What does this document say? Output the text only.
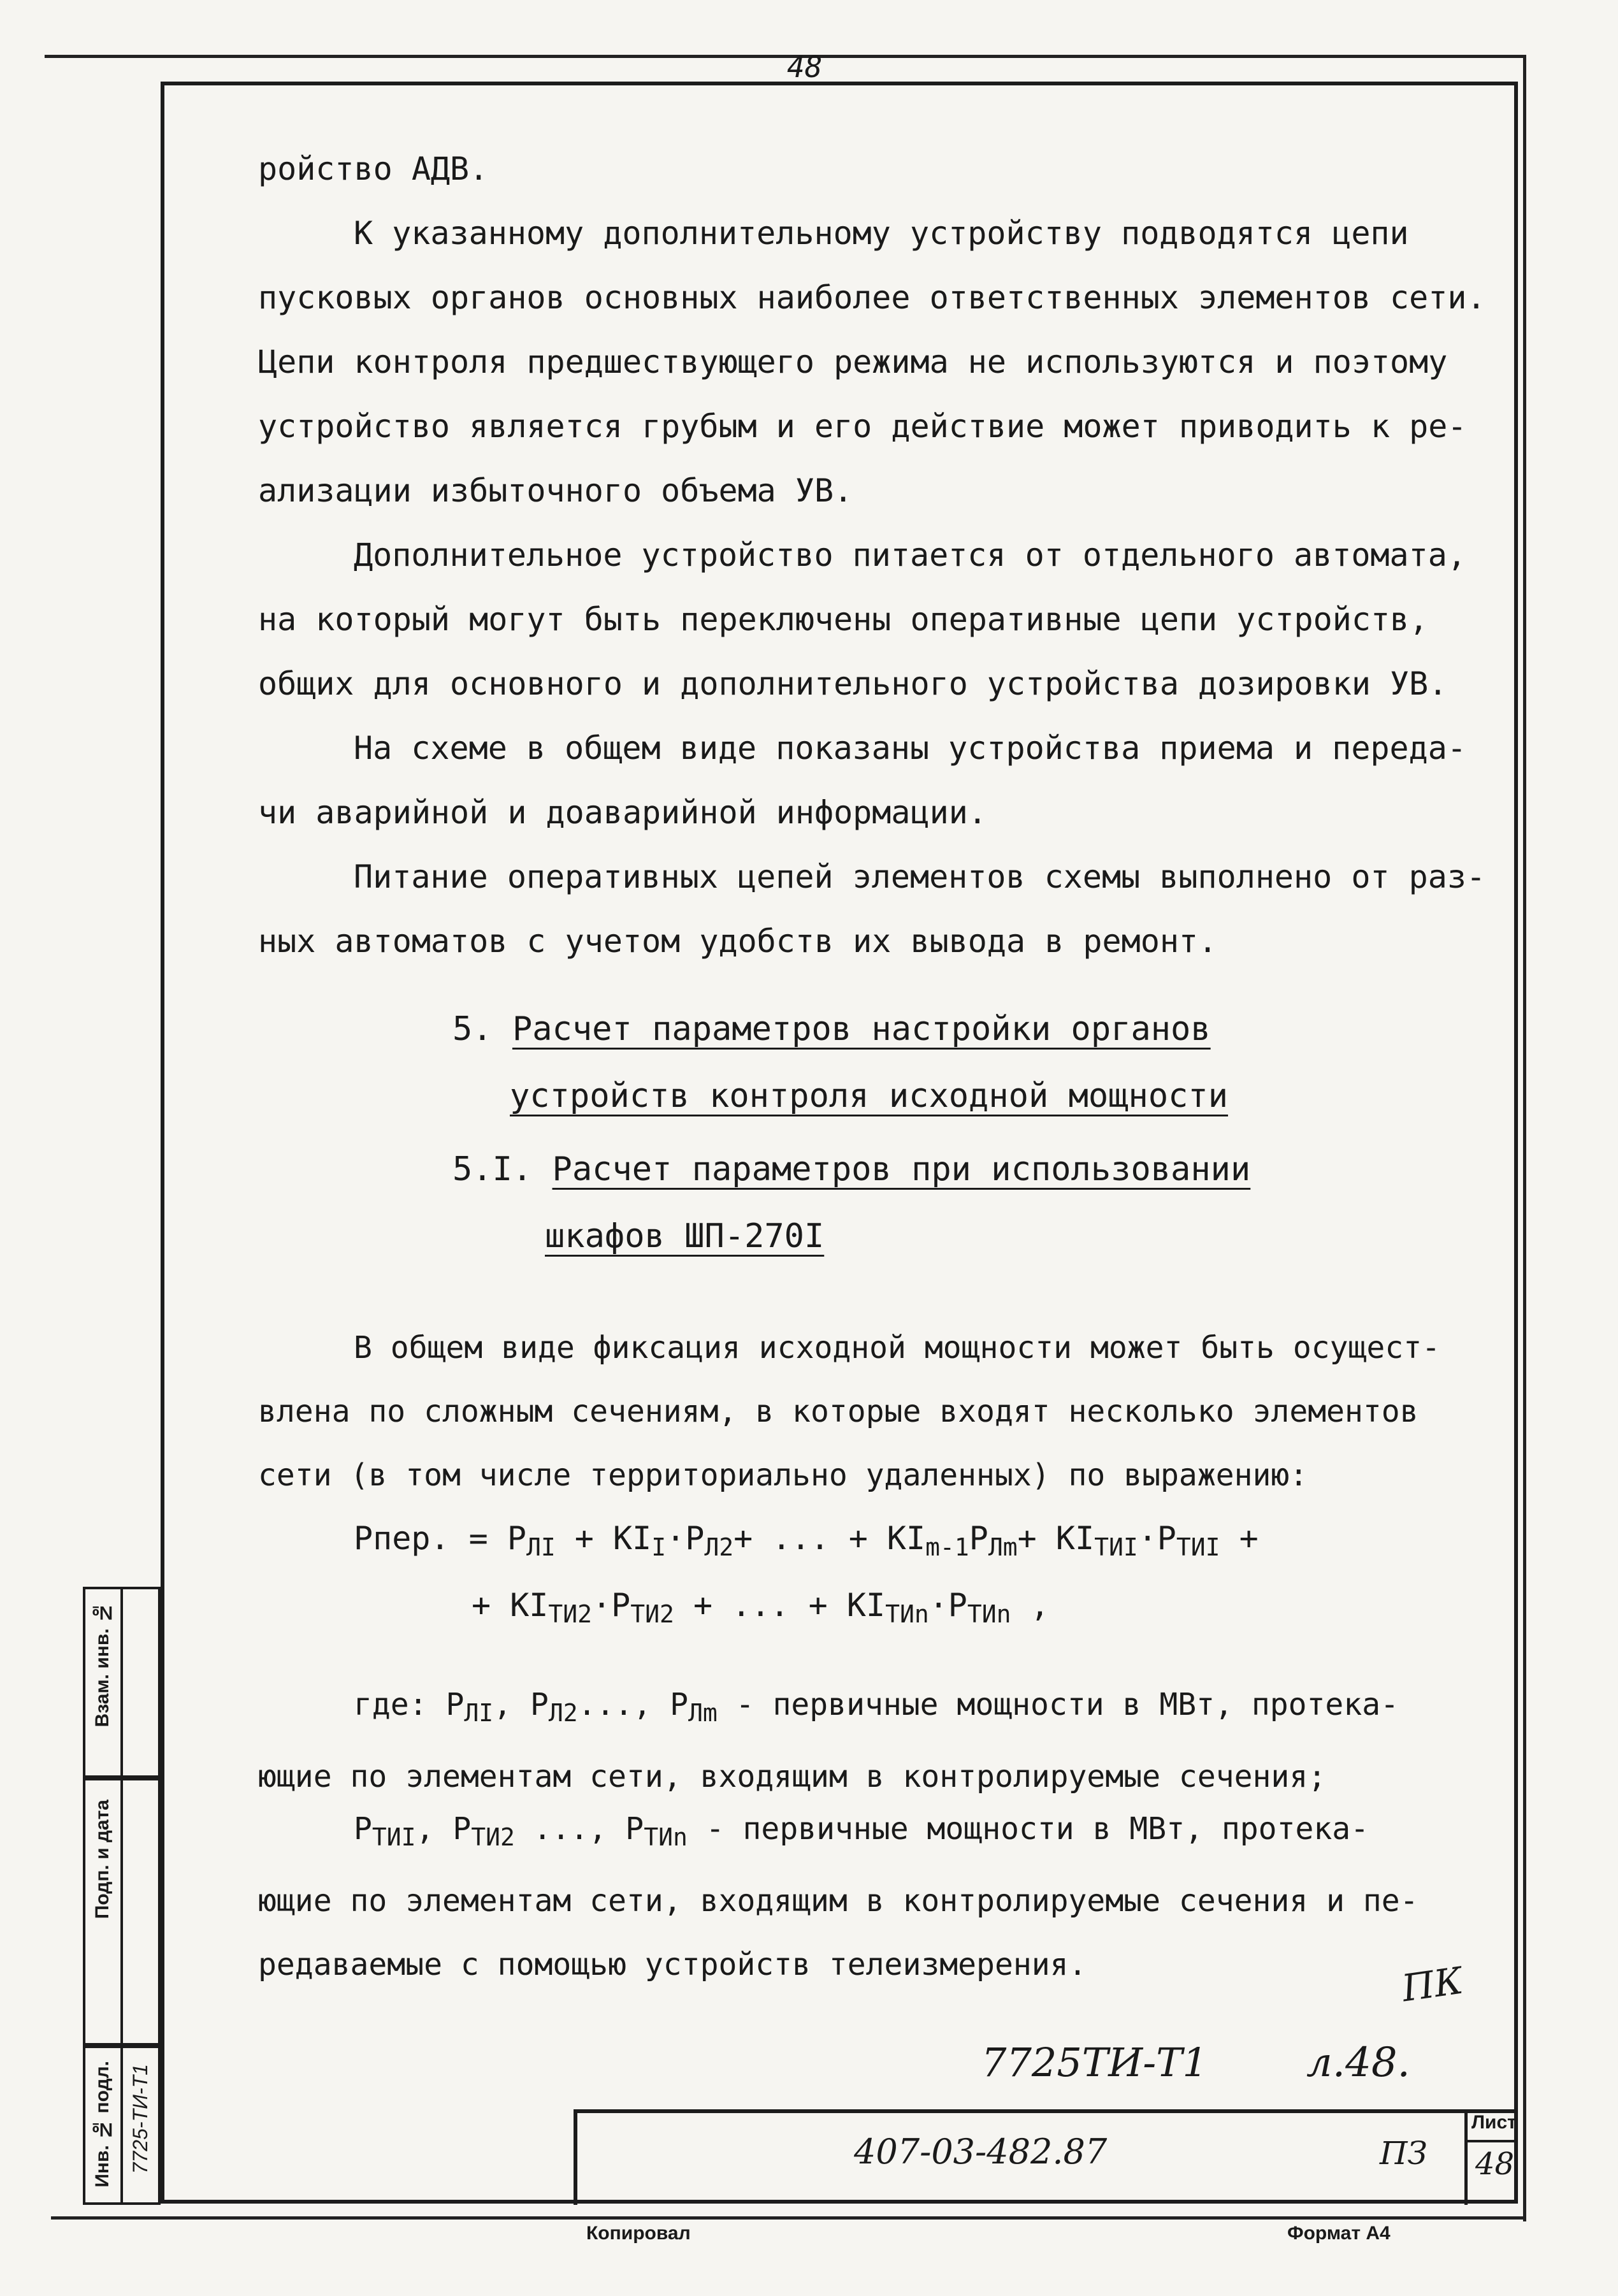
48

ройство АДВ.

К указанному дополнительному устройству подводятся цепи

пусковых органов основных наиболее ответственных элементов сети.

Цепи контроля предшествующего режима не используются и поэтому

устройство является грубым и его действие может приводить к ре-

ализации избыточного объема УВ.

Дополнительное устройство питается от отдельного автомата,

на который могут быть переключены оперативные цепи устройств,

общих для основного и дополнительного устройства дозировки УВ.

На схеме в общем виде показаны устройства приема и переда-

чи аварийной и доаварийной информации.

Питание оперативных цепей элементов схемы выполнено от раз-

ных автоматов с учетом удобств их вывода в ремонт.

5. Расчет параметров настройки органов
устройств контроля исходной мощности
5.I. Расчет параметров при использовании
шкафов ШП-270I
В общем виде фиксация исходной мощности может быть осущест-
влена по сложным сечениям, в которые входят несколько элементов
сети (в том числе территориально удаленных) по выражению:
Pпер. = $P_{ЛI} + KI_I\cdot P_{Л2}+$ ... + $KI_{m-1}P_{Лm}+ KI_{ТИI}\cdot P_{ТИI}$ +
+ $KI_{ТИ2}\cdot P_{ТИ2}$ + ... + $KI_{ТИn}\cdot P_{ТИn}$ ,
где: $P_{ЛI}$, $P_{Л2}$..., $P_{Лm}$ - первичные мощности в МВт, протека-
ющие по элементам сети, входящим в контролируемые сечения;
$P_{ТИI}$, $P_{ТИ2}$ ..., $P_{ТИn}$ - первичные мощности в МВт, протека-
ющие по элементам сети, входящим в контролируемые сечения и пе-
редаваемые с помощью устройств телеизмерения.	ПК
7725ТИ-Т1 л.48.
407-03-482.87	ПЗ
Лист
48
Взам. инв. №
Подп. и дата
Инв. № подл. 7725-ТИ-Т1
Копировал	Формат А4
